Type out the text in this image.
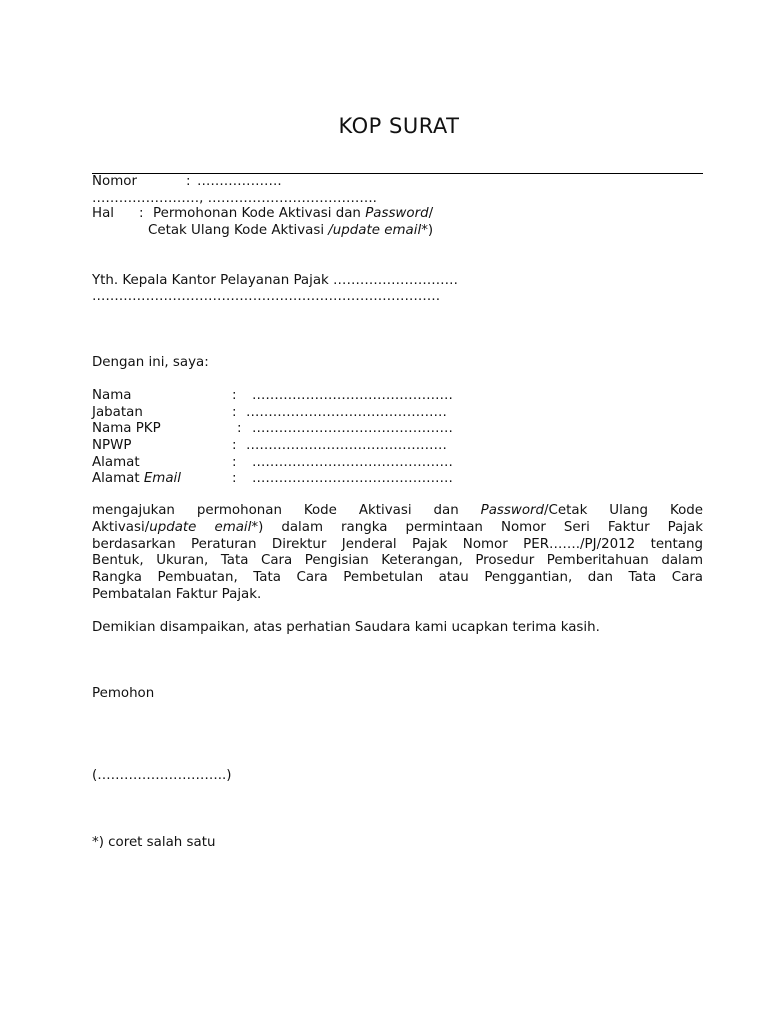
KOP SURAT
Nomor	: ……………….
……………………, ………………………………..
Hal : Permohonan Kode Aktivasi dan Password/
Cetak Ulang Kode Aktivasi /update email*)
Yth. Kepala Kantor Pelayanan Pajak ……………………….
……………………………………………………………………
Dengan ini, saya:
Nama	: ………………………………………
Jabatan	: ………………………………………
Nama PKP	: ………………………………………
NPWP	: ………………………………………
Alamat	: ………………………………………
Alamat Email	: ………………………………………
mengajukan permohonan Kode Aktivasi dan Password/Cetak Ulang Kode
Aktivasi/update email*) dalam rangka permintaan Nomor Seri Faktur Pajak
berdasarkan Peraturan Direktur Jenderal Pajak Nomor PER……./PJ/2012 tentang
Bentuk, Ukuran, Tata Cara Pengisian Keterangan, Prosedur Pemberitahuan dalam
Rangka Pembuatan, Tata Cara Pembetulan atau Penggantian, dan Tata Cara
Pembatalan Faktur Pajak.
Demikian disampaikan, atas perhatian Saudara kami ucapkan terima kasih.
Pemohon
(………………………..)
*) coret salah satu
